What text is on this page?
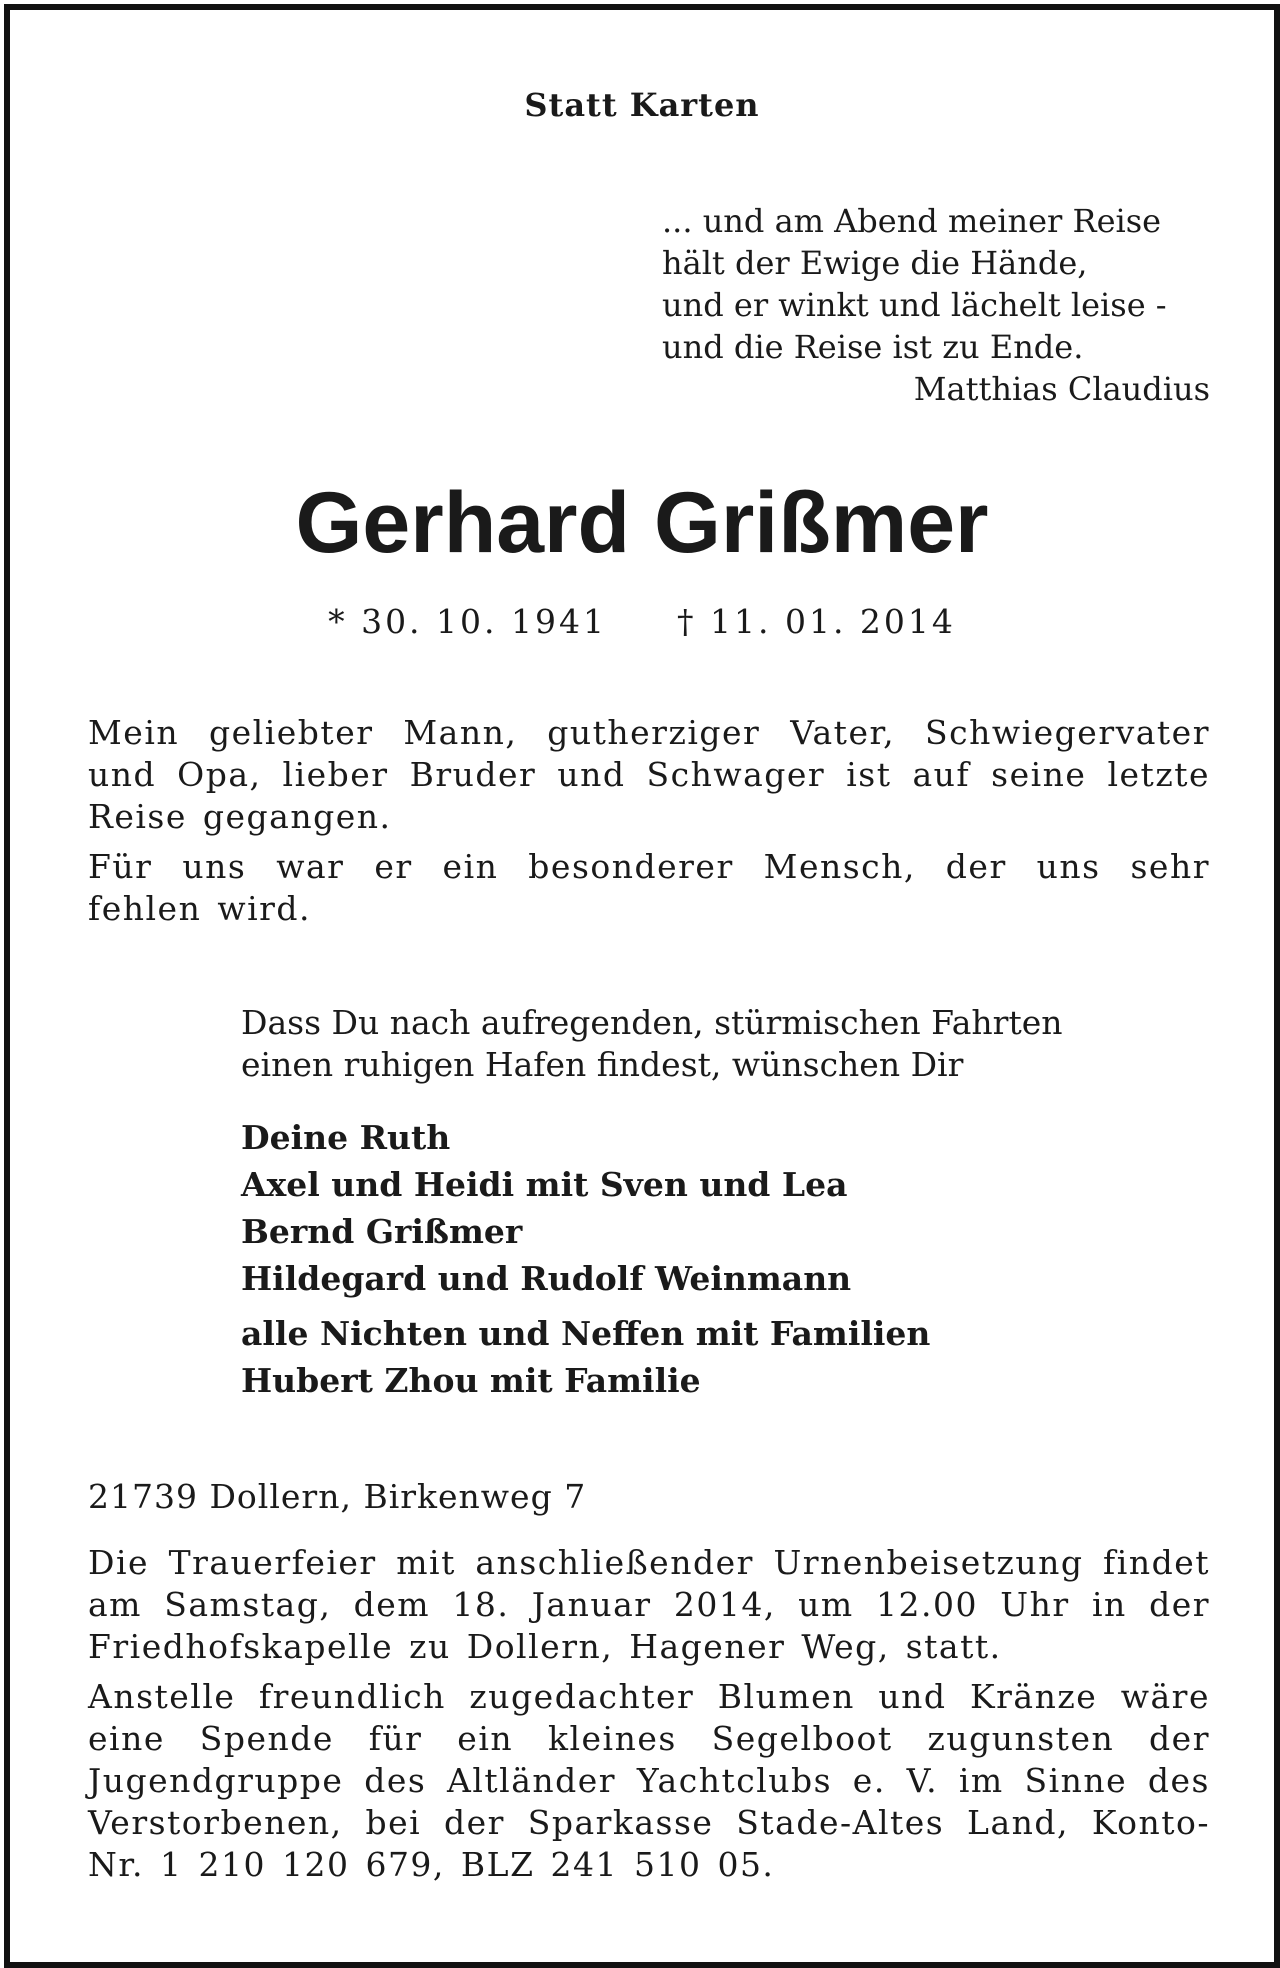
Statt Karten
... und am Abend meiner Reise
hält der Ewige die Hände,
und er winkt und lächelt leise -
und die Reise ist zu Ende.
Matthias Claudius
Gerhard Grißmer
* 30. 10. 1941 † 11. 01. 2014
Mein geliebter Mann, gutherziger Vater, Schwiegervater und Opa, lieber Bruder und Schwager ist auf seine letzte Reise gegangen.
Für uns war er ein besonderer Mensch, der uns sehr fehlen wird.
Dass Du nach aufregenden, stürmischen Fahrten
einen ruhigen Hafen findest, wünschen Dir
Deine Ruth
Axel und Heidi mit Sven und Lea
Bernd Grißmer
Hildegard und Rudolf Weinmann
alle Nichten und Neffen mit Familien
Hubert Zhou mit Familie
21739 Dollern, Birkenweg 7
Die Trauerfeier mit anschließender Urnenbeisetzung findet am Samstag, dem 18. Januar 2014, um 12.00 Uhr in der Friedhofskapelle zu Dollern, Hagener Weg, statt.
Anstelle freundlich zugedachter Blumen und Kränze wäre eine Spende für ein kleines Segelboot zugunsten der Jugendgruppe des Altländer Yachtclubs e. V. im Sinne des Verstorbenen, bei der Sparkasse Stade-Altes Land, Konto-Nr. 1 210 120 679, BLZ 241 510 05.
